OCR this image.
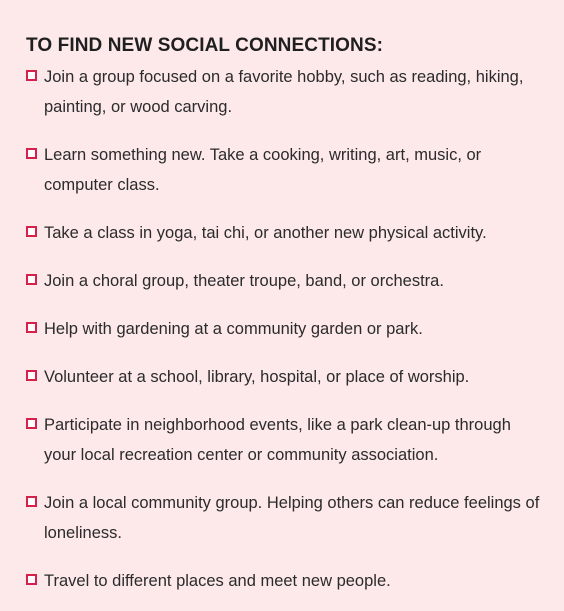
TO FIND NEW SOCIAL CONNECTIONS:
Join a group focused on a favorite hobby, such as reading, hiking, painting, or wood carving.
Learn something new. Take a cooking, writing, art, music, or computer class.
Take a class in yoga, tai chi, or another new physical activity.
Join a choral group, theater troupe, band, or orchestra.
Help with gardening at a community garden or park.
Volunteer at a school, library, hospital, or place of worship.
Participate in neighborhood events, like a park clean-up through your local recreation center or community association.
Join a local community group. Helping others can reduce feelings of loneliness.
Travel to different places and meet new people.
